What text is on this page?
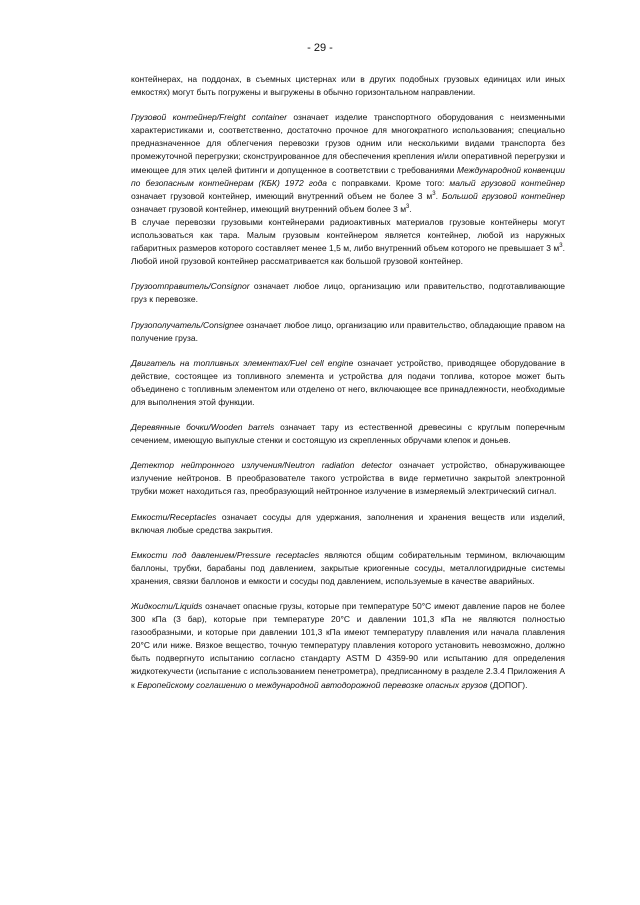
- 29 -

контейнерах, на поддонах, в съемных цистернах или в других подобных грузовых единицах или иных емкостях) могут быть погружены и выгружены в обычно горизонтальном направлении.

Грузовой контейнер/Freight container означает изделие транспортного оборудования с неизменными характеристиками и, соответственно, достаточно прочное для многократного использования; специально предназначенное для облегчения перевозки грузов одним или несколькими видами транспорта без промежуточной перегрузки; сконструированное для обеспечения крепления и/или оперативной перегрузки и имеющее для этих целей фитинги и допущенное в соответствии с требованиями Международной конвенции по безопасным контейнерам (КБК) 1972 года с поправками. Кроме того: малый грузовой контейнер означает грузовой контейнер, имеющий внутренний объем не более 3 $м^3$. Большой грузовой контейнер означает грузовой контейнер, имеющий внутренний объем более 3 $м^3$.

В случае перевозки грузовыми контейнерами радиоактивных материалов грузовые контейнеры могут использоваться как тара. Малым грузовым контейнером является контейнер, любой из наружных габаритных размеров которого составляет менее 1,5 м, либо внутренний объем которого не превышает 3 $м^3$. Любой иной грузовой контейнер рассматривается как большой грузовой контейнер.

Грузоотправитель/Consignor означает любое лицо, организацию или правительство, подготавливающие груз к перевозке.

Грузополучатель/Consignee означает любое лицо, организацию или правительство, обладающие правом на получение груза.

Двигатель на топливных элементах/Fuel cell engine означает устройство, приводящее оборудование в действие, состоящее из топливного элемента и устройства для подачи топлива, которое может быть объединено с топливным элементом или отделено от него, включающее все принадлежности, необходимые для выполнения этой функции.

Деревянные бочки/Wooden barrels означает тару из естественной древесины с круглым поперечным сечением, имеющую выпуклые стенки и состоящую из скрепленных обручами клепок и доньев.

Детектор нейтронного излучения/Neutron radiation detector означает устройство, обнаруживающее излучение нейтронов. В преобразователе такого устройства в виде герметично закрытой электронной трубки может находиться газ, преобразующий нейтронное излучение в измеряемый электрический сигнал.

Емкости/Receptacles означает сосуды для удержания, заполнения и хранения веществ или изделий, включая любые средства закрытия.

Емкости под давлением/Pressure receptacles являются общим собирательным термином, включающим баллоны, трубки, барабаны под давлением, закрытые криогенные сосуды, металлогидридные системы хранения, связки баллонов и емкости и сосуды под давлением, используемые в качестве аварийных.

Жидкости/Liquids означает опасные грузы, которые при температуре 50°C имеют давление паров не более 300 кПа (3 бар), которые при температуре 20°C и давлении 101,3 кПа не являются полностью газообразными, и которые при давлении 101,3 кПа имеют температуру плавления или начала плавления 20°C или ниже. Вязкое вещество, точную температуру плавления которого установить невозможно, должно быть подвергнуто испытанию согласно стандарту ASTM D 4359-90 или испытанию для определения жидкотекучести (испытание с использованием пенетрометра), предписанному в разделе 2.3.4 Приложения A к Европейскому соглашению о международной автодорожной перевозке опасных грузов (ДОПОГ).
